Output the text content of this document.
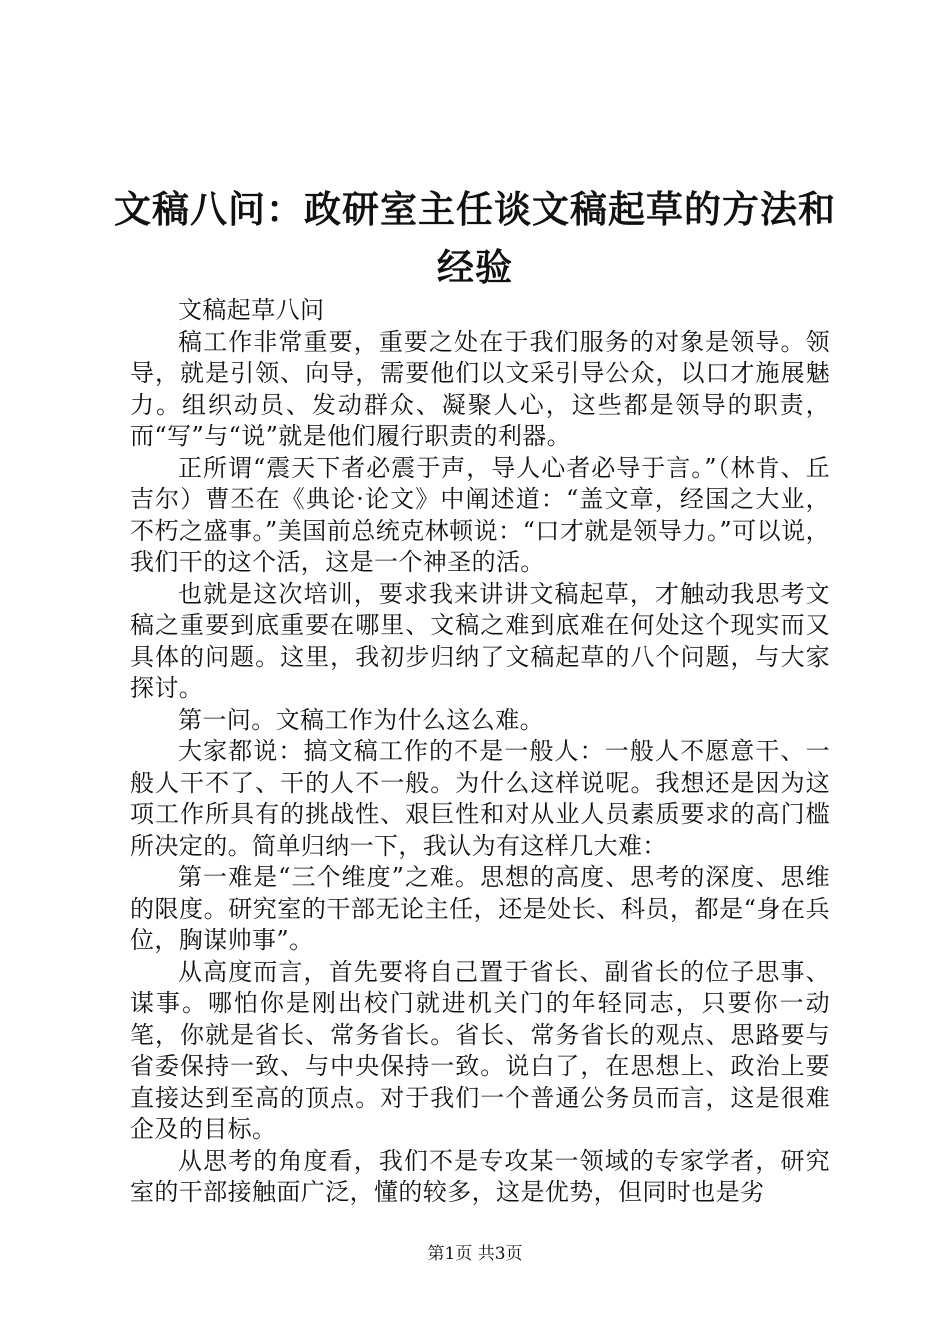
文稿八问：政研室主任谈文稿起草的方法和经验

文稿起草八问

稿工作非常重要，重要之处在于我们服务的对象是领导。领导，就是引领、向导，需要他们以文采引导公众，以口才施展魅力。组织动员、发动群众、凝聚人心，这些都是领导的职责，而“写”与“说”就是他们履行职责的利器。

正所谓“震天下者必震于声，导人心者必导于言。”（林肯、丘吉尔）曹丕在《典论·论文》中阐述道：“盖文章，经国之大业，不朽之盛事。”美国前总统克林顿说：“口才就是领导力。”可以说，我们干的这个活，这是一个神圣的活。

也就是这次培训，要求我来讲讲文稿起草，才触动我思考文稿之重要到底重要在哪里、文稿之难到底难在何处这个现实而又具体的问题。这里，我初步归纳了文稿起草的八个问题，与大家探讨。

第一问。文稿工作为什么这么难。

大家都说：搞文稿工作的不是一般人：一般人不愿意干、一般人干不了、干的人不一般。为什么这样说呢。我想还是因为这项工作所具有的挑战性、艰巨性和对从业人员素质要求的高门槛所决定的。简单归纳一下，我认为有这样几大难：

第一难是“三个维度”之难。思想的高度、思考的深度、思维的限度。研究室的干部无论主任，还是处长、科员，都是“身在兵位，胸谋帅事”。

从高度而言，首先要将自己置于省长、副省长的位子思事、谋事。哪怕你是刚出校门就进机关门的年轻同志，只要你一动笔，你就是省长、常务省长。省长、常务省长的观点、思路要与省委保持一致、与中央保持一致。说白了，在思想上、政治上要直接达到至高的顶点。对于我们一个普通公务员而言，这是很难企及的目标。

从思考的角度看，我们不是专攻某一领域的专家学者，研究室的干部接触面广泛，懂的较多，这是优势，但同时也是劣

第1页 共3页
